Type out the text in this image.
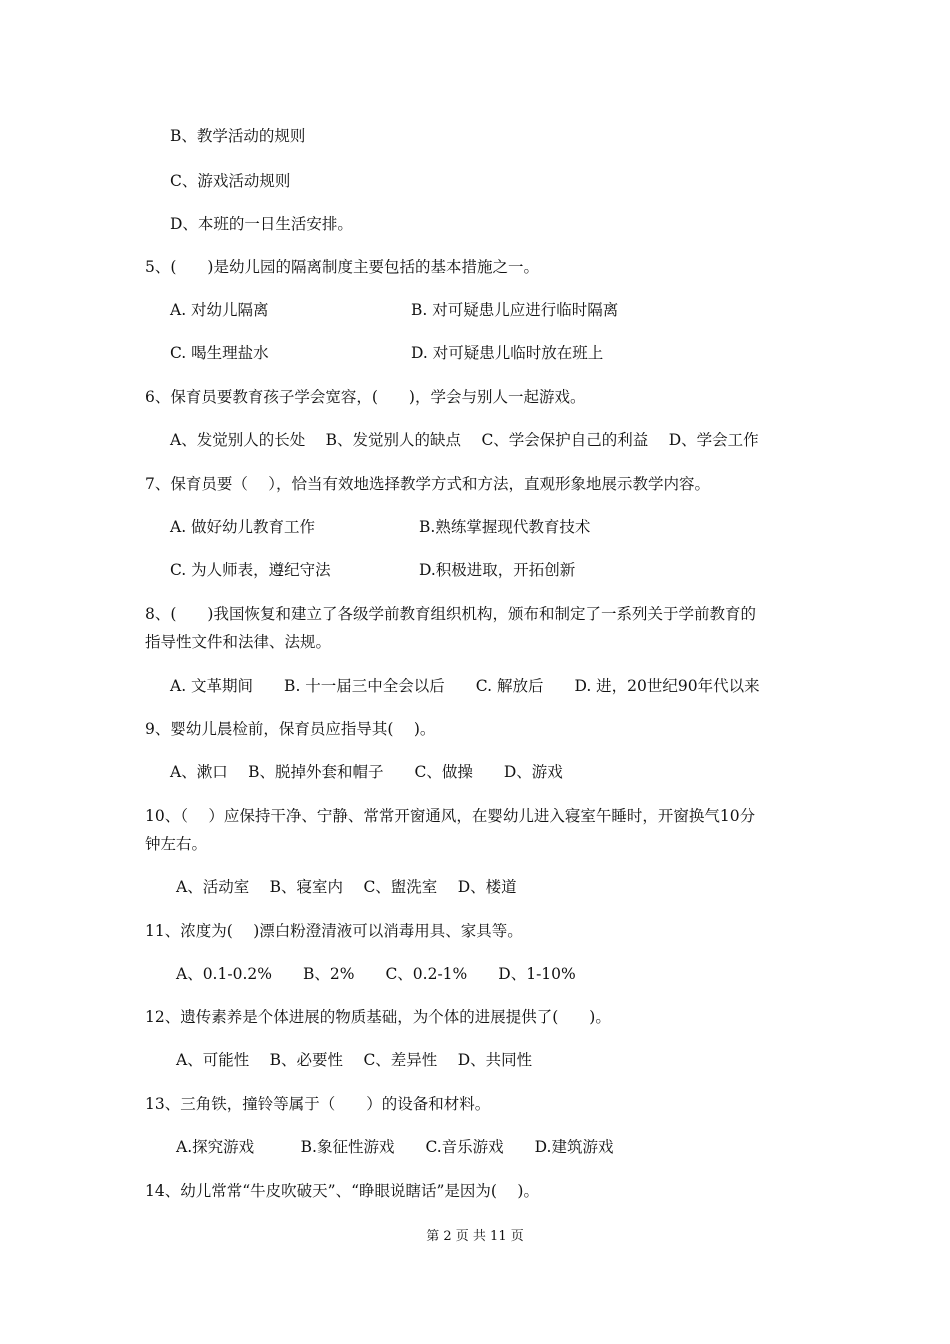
B、教学活动的规则
C、游戏活动规则
D、本班的一日生活安排。
5、(　　)是幼儿园的隔离制度主要包括的基本措施之一。
A. 对幼儿隔离	B. 对可疑患儿应进行临时隔离
C. 喝生理盐水	D. 对可疑患儿临时放在班上
6、保育员要教育孩子学会宽容，(　　)，学会与别人一起游戏。
A、发觉别人的长处　 B、发觉别人的缺点　 C、学会保护自己的利益　 D、学会工作
7、保育员要（　 ），恰当有效地选择教学方式和方法，直观形象地展示教学内容。
A. 做好幼儿教育工作	B.熟练掌握现代教育技术
C. 为人师表，遵纪守法	D.积极进取，开拓创新
8、(　　)我国恢复和建立了各级学前教育组织机构，颁布和制定了一系列关于学前教育的
指导性文件和法律、法规。
A. 文革期间　　B. 十一届三中全会以后　　C. 解放后　　D. 进，20世纪90年代以来
9、婴幼儿晨检前，保育员应指导其(　 )。
A、漱口　 B、脱掉外套和帽子　　C、做操　　D、游戏
10、（　 ）应保持干净、宁静、常常开窗通风，在婴幼儿进入寝室午睡时，开窗换气10分
钟左右。
A、活动室　 B、寝室内　 C、盥洗室　 D、楼道
11、浓度为(　 )漂白粉澄清液可以消毒用具、家具等。
A、0.1-0.2%　　B、2%　　C、0.2-1%　　D、1-10%
12、遗传素养是个体进展的物质基础，为个体的进展提供了(　　)。
A、可能性　 B、必要性　 C、差异性　 D、共同性
13、三角铁，撞铃等属于（　　）的设备和材料。
A.探究游戏　　　B.象征性游戏　　C.音乐游戏　　D.建筑游戏
14、幼儿常常“牛皮吹破天”、“睁眼说瞎话”是因为(　 )。
第 2 页 共 11 页
